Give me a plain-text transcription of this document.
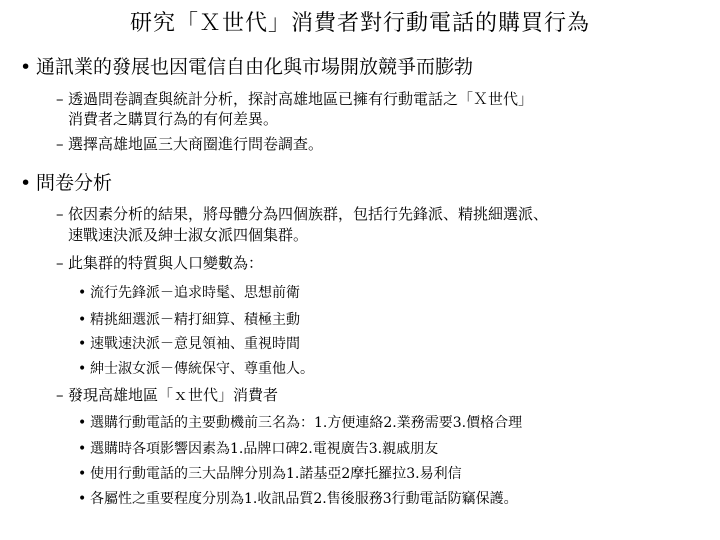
研究「Ｘ世代」消費者對行動電話的購買行為
• 通訊業的發展也因電信自由化與市場開放競爭而膨勃
– 透過問卷調查與統計分析，探討高雄地區已擁有行動電話之「Ｘ世代」
消費者之購買行為的有何差異。
– 選擇高雄地區三大商圈進行問卷調查。
• 問卷分析
– 依因素分析的結果，將母體分為四個族群，包括行先鋒派、精挑細選派、
速戰速決派及紳士淑女派四個集群。
– 此集群的特質與人口變數為：
• 流行先鋒派－追求時髦、思想前衛
• 精挑細選派－精打細算、積極主動
• 速戰速決派－意見領袖、重視時間
• 紳士淑女派－傳統保守、尊重他人。
– 發現高雄地區「ｘ世代」消費者
• 選購行動電話的主要動機前三名為：1.方便連絡2.業務需要3.價格合理
• 選購時各項影響因素為1.品牌口碑2.電視廣告3.親戚朋友
• 使用行動電話的三大品牌分別為1.諾基亞2摩托羅拉3.易利信
• 各屬性之重要程度分別為1.收訊品質2.售後服務3行動電話防竊保護。
